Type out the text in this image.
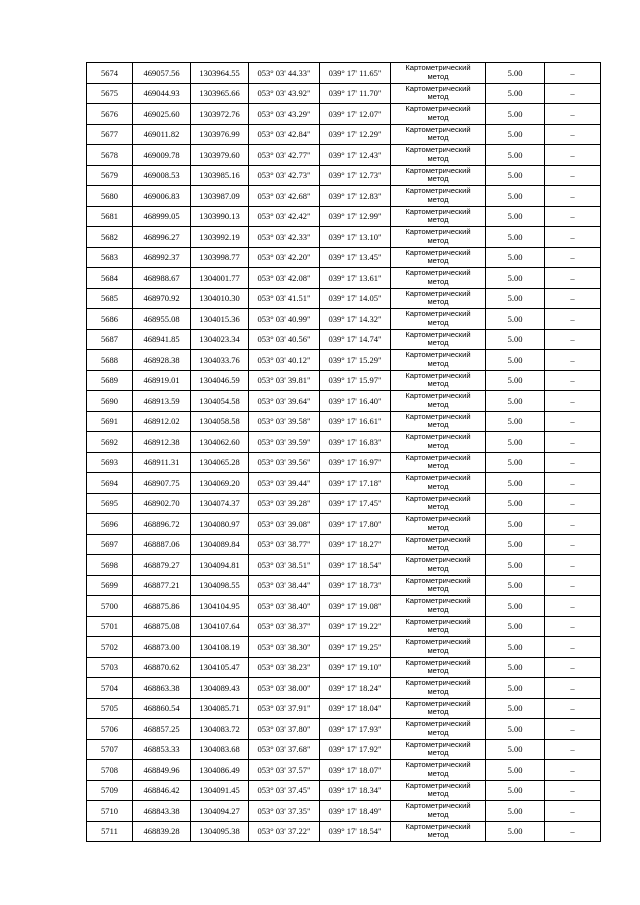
5674	469057.56	1303964.55	053° 03' 44.33"	039° 17' 11.65"	Картометрический
метод	5.00	–
5675	469044.93	1303965.66	053° 03' 43.92"	039° 17' 11.70"	Картометрический
метод	5.00	–
5676	469025.60	1303972.76	053° 03' 43.29"	039° 17' 12.07"	Картометрический
метод	5.00	–
5677	469011.82	1303976.99	053° 03' 42.84"	039° 17' 12.29"	Картометрический
метод	5.00	–
5678	469009.78	1303979.60	053° 03' 42.77"	039° 17' 12.43"	Картометрический
метод	5.00	–
5679	469008.53	1303985.16	053° 03' 42.73"	039° 17' 12.73"	Картометрический
метод	5.00	–
5680	469006.83	1303987.09	053° 03' 42.68"	039° 17' 12.83"	Картометрический
метод	5.00	–
5681	468999.05	1303990.13	053° 03' 42.42"	039° 17' 12.99"	Картометрический
метод	5.00	–
5682	468996.27	1303992.19	053° 03' 42.33"	039° 17' 13.10"	Картометрический
метод	5.00	–
5683	468992.37	1303998.77	053° 03' 42.20"	039° 17' 13.45"	Картометрический
метод	5.00	–
5684	468988.67	1304001.77	053° 03' 42.08"	039° 17' 13.61"	Картометрический
метод	5.00	–
5685	468970.92	1304010.30	053° 03' 41.51"	039° 17' 14.05"	Картометрический
метод	5.00	–
5686	468955.08	1304015.36	053° 03' 40.99"	039° 17' 14.32"	Картометрический
метод	5.00	–
5687	468941.85	1304023.34	053° 03' 40.56"	039° 17' 14.74"	Картометрический
метод	5.00	–
5688	468928.38	1304033.76	053° 03' 40.12"	039° 17' 15.29"	Картометрический
метод	5.00	–
5689	468919.01	1304046.59	053° 03' 39.81"	039° 17' 15.97"	Картометрический
метод	5.00	–
5690	468913.59	1304054.58	053° 03' 39.64"	039° 17' 16.40"	Картометрический
метод	5.00	–
5691	468912.02	1304058.58	053° 03' 39.58"	039° 17' 16.61"	Картометрический
метод	5.00	–
5692	468912.38	1304062.60	053° 03' 39.59"	039° 17' 16.83"	Картометрический
метод	5.00	–
5693	468911.31	1304065.28	053° 03' 39.56"	039° 17' 16.97"	Картометрический
метод	5.00	–
5694	468907.75	1304069.20	053° 03' 39.44"	039° 17' 17.18"	Картометрический
метод	5.00	–
5695	468902.70	1304074.37	053° 03' 39.28"	039° 17' 17.45"	Картометрический
метод	5.00	–
5696	468896.72	1304080.97	053° 03' 39.08"	039° 17' 17.80"	Картометрический
метод	5.00	–
5697	468887.06	1304089.84	053° 03' 38.77"	039° 17' 18.27"	Картометрический
метод	5.00	–
5698	468879.27	1304094.81	053° 03' 38.51"	039° 17' 18.54"	Картометрический
метод	5.00	–
5699	468877.21	1304098.55	053° 03' 38.44"	039° 17' 18.73"	Картометрический
метод	5.00	–
5700	468875.86	1304104.95	053° 03' 38.40"	039° 17' 19.08"	Картометрический
метод	5.00	–
5701	468875.08	1304107.64	053° 03' 38.37"	039° 17' 19.22"	Картометрический
метод	5.00	–
5702	468873.00	1304108.19	053° 03' 38.30"	039° 17' 19.25"	Картометрический
метод	5.00	–
5703	468870.62	1304105.47	053° 03' 38.23"	039° 17' 19.10"	Картометрический
метод	5.00	–
5704	468863.38	1304089.43	053° 03' 38.00"	039° 17' 18.24"	Картометрический
метод	5.00	–
5705	468860.54	1304085.71	053° 03' 37.91"	039° 17' 18.04"	Картометрический
метод	5.00	–
5706	468857.25	1304083.72	053° 03' 37.80"	039° 17' 17.93"	Картометрический
метод	5.00	–
5707	468853.33	1304083.68	053° 03' 37.68"	039° 17' 17.92"	Картометрический
метод	5.00	–
5708	468849.96	1304086.49	053° 03' 37.57"	039° 17' 18.07"	Картометрический
метод	5.00	–
5709	468846.42	1304091.45	053° 03' 37.45"	039° 17' 18.34"	Картометрический
метод	5.00	–
5710	468843.38	1304094.27	053° 03' 37.35"	039° 17' 18.49"	Картометрический
метод	5.00	–
5711	468839.28	1304095.38	053° 03' 37.22"	039° 17' 18.54"	Картометрический
метод	5.00	–
